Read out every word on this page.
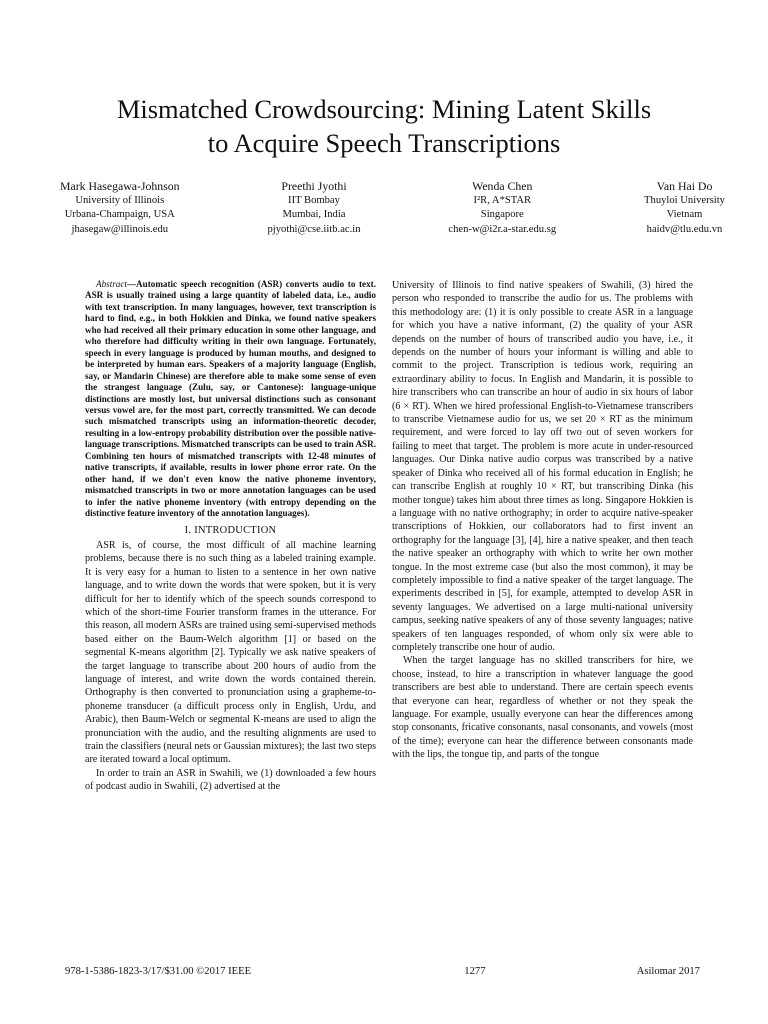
Mismatched Crowdsourcing: Mining Latent Skills
to Acquire Speech Transcriptions
Mark Hasegawa-Johnson
University of Illinois
Urbana-Champaign, USA
jhasegaw@illinois.edu
Preethi Jyothi
IIT Bombay
Mumbai, India
pjyothi@cse.iitb.ac.in
Wenda Chen
I²R, A*STAR
Singapore
chen-w@i2r.a-star.edu.sg
Van Hai Do
Thuyloi University
Vietnam
haidv@tlu.edu.vn

Abstract—Automatic speech recognition (ASR) converts audio to text. ASR is usually trained using a large quantity of labeled data, i.e., audio with text transcription. In many languages, however, text transcription is hard to find, e.g., in both Hokkien and Dinka, we found native speakers who had received all their primary education in some other language, and who therefore had difficulty writing in their own language. Fortunately, speech in every language is produced by human mouths, and designed to be interpreted by human ears. Speakers of a majority language (English, say, or Mandarin Chinese) are therefore able to make some sense of even the strangest language (Zulu, say, or Cantonese): language-unique distinctions are mostly lost, but universal distinctions such as consonant versus vowel are, for the most part, correctly transmitted. We can decode such mismatched transcripts using an information-theoretic decoder, resulting in a low-entropy probability distribution over the possible native-language transcriptions. Mismatched transcripts can be used to train ASR. Combining ten hours of mismatched transcripts with 12-48 minutes of native transcripts, if available, results in lower phone error rate. On the other hand, if we don't even know the native phoneme inventory, mismatched transcripts in two or more annotation languages can be used to infer the native phoneme inventory (with entropy depending on the distinctive feature inventory of the annotation languages).

I. INTRODUCTION

ASR is, of course, the most difficult of all machine learning problems, because there is no such thing as a labeled training example. It is very easy for a human to listen to a sentence in her own native language, and to write down the words that were spoken, but it is very difficult for her to identify which of the speech sounds correspond to which of the short-time Fourier transform frames in the utterance. For this reason, all modern ASRs are trained using semi-supervised methods based either on the Baum-Welch algorithm [1] or based on the segmental K-means algorithm [2]. Typically we ask native speakers of the target language to transcribe about 200 hours of audio from the language of interest, and write down the words contained therein. Orthography is then converted to pronunciation using a grapheme-to-phoneme transducer (a difficult process only in English, Urdu, and Arabic), then Baum-Welch or segmental K-means are used to align the pronunciation with the audio, and the resulting alignments are used to train the classifiers (neural nets or Gaussian mixtures); the last two steps are iterated toward a local optimum.

In order to train an ASR in Swahili, we (1) downloaded a few hours of podcast audio in Swahili, (2) advertised at the

University of Illinois to find native speakers of Swahili, (3) hired the person who responded to transcribe the audio for us. The problems with this methodology are: (1) it is only possible to create ASR in a language for which you have a native informant, (2) the quality of your ASR depends on the number of hours of transcribed audio you have, i.e., it depends on the number of hours your informant is willing and able to commit to the project. Transcription is tedious work, requiring an extraordinary ability to focus. In English and Mandarin, it is possible to hire transcribers who can transcribe an hour of audio in six hours of labor (6 × RT). When we hired professional English-to-Vietnamese transcribers to transcribe Vietnamese audio for us, we set 20 × RT as the minimum requirement, and were forced to lay off two out of seven workers for failing to meet that target. The problem is more acute in under-resourced languages. Our Dinka native audio corpus was transcribed by a native speaker of Dinka who received all of his formal education in English; he can transcribe English at roughly 10 × RT, but transcribing Dinka (his mother tongue) takes him about three times as long. Singapore Hokkien is a language with no native orthography; in order to acquire native-speaker transcriptions of Hokkien, our collaborators had to first invent an orthography for the language [3], [4], hire a native speaker, and then teach the native speaker an orthography with which to write her own mother tongue. In the most extreme case (but also the most common), it may be completely impossible to find a native speaker of the target language. The experiments described in [5], for example, attempted to develop ASR in seventy languages. We advertised on a large multi-national university campus, seeking native speakers of any of those seventy languages; native speakers of ten languages responded, of whom only six were able to completely transcribe one hour of audio.

When the target language has no skilled transcribers for hire, we choose, instead, to hire a transcription in whatever language the good transcribers are best able to understand. There are certain speech events that everyone can hear, regardless of whether or not they speak the language. For example, usually everyone can hear the differences among stop consonants, fricative consonants, nasal consonants, and vowels (most of the time); everyone can hear the difference between consonants made with the lips, the tongue tip, and parts of the tongue

978-1-5386-1823-3/17/$31.00 ©2017 IEEE	1277	Asilomar 2017
